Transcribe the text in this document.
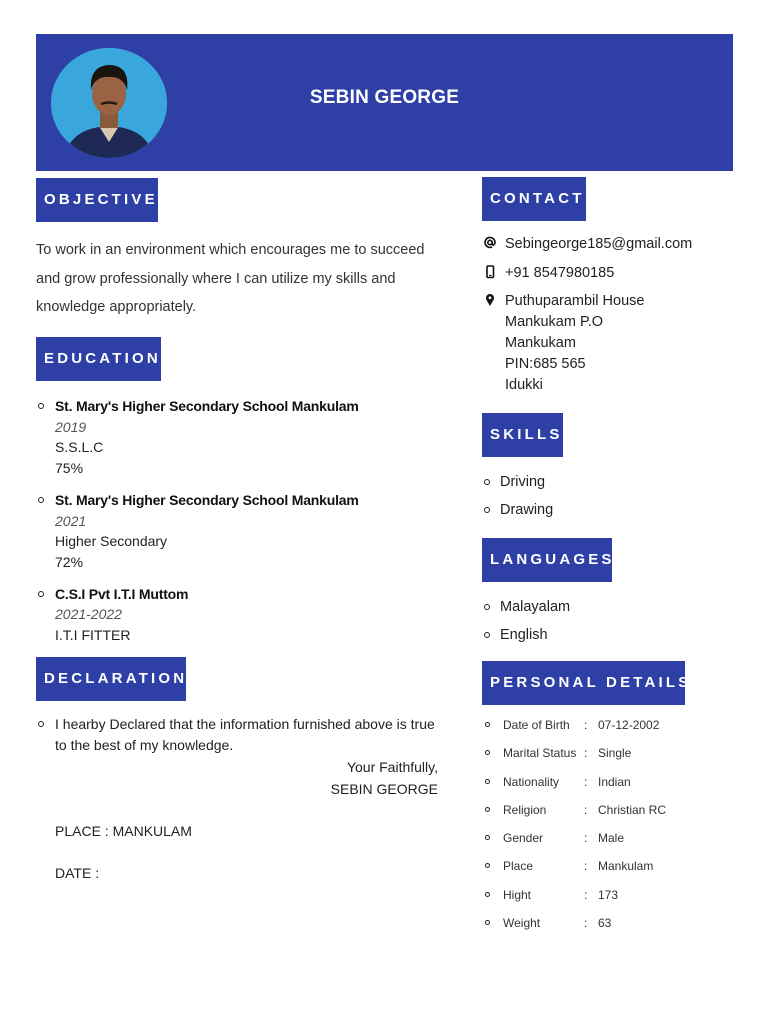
SEBIN GEORGE
OBJECTIVE
To work in an environment which encourages me to succeed and grow professionally where I can utilize my skills and knowledge appropriately.
EDUCATION
St. Mary's Higher Secondary School Mankulam
2019
S.S.L.C
75%
St. Mary's Higher Secondary School Mankulam
2021
Higher Secondary
72%
C.S.I Pvt I.T.I Muttom
2021-2022
I.T.I FITTER
DECLARATION
I hearby Declared that the information furnished above is true to the best of my knowledge.
Your Faithfully,
SEBIN GEORGE
PLACE : MANKULAM
DATE :
CONTACT
Sebingeorge185@gmail.com
+91 8547980185
Puthuparambil House
Mankukam P.O
Mankukam
PIN:685 565
Idukki
SKILLS
Driving
Drawing
LANGUAGES
Malayalam
English
PERSONAL DETAILS
Date of Birth	: 07-12-2002
Marital Status : Single
Nationality	: Indian
Religion	: Christian RC
Gender	: Male
Place	: Mankulam
Hight	: 173
Weight	: 63
